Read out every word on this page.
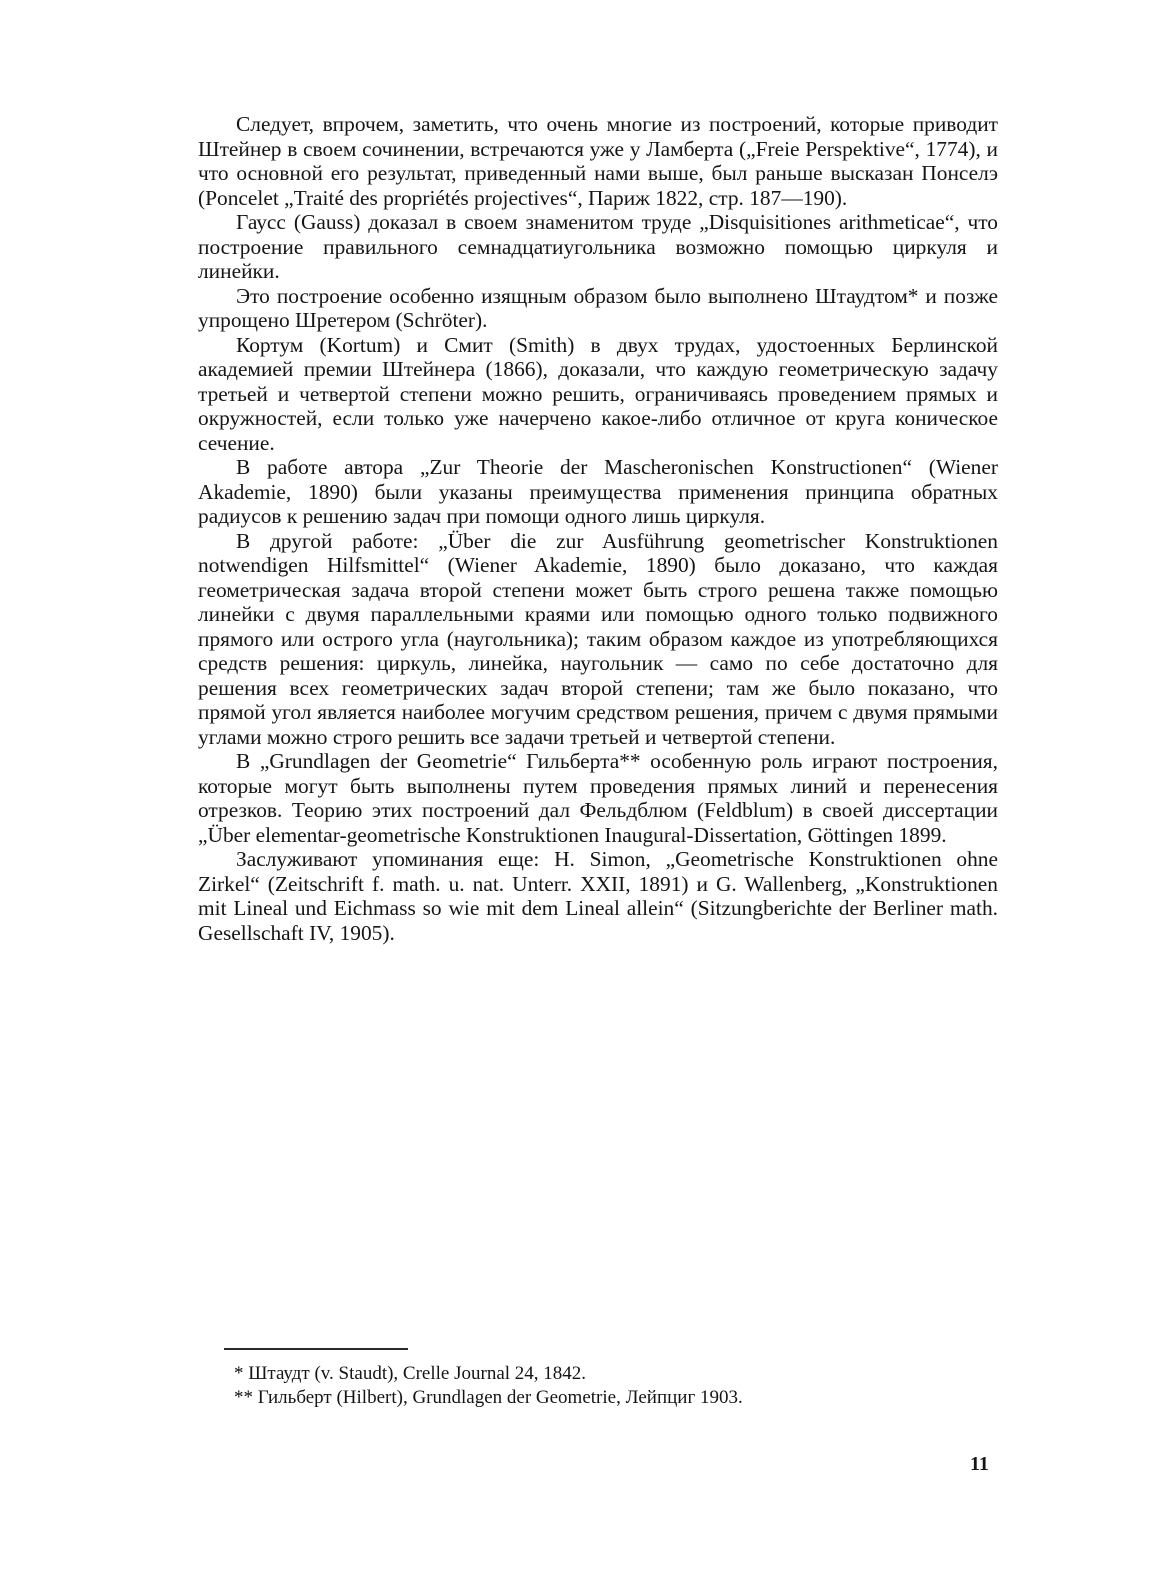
Следует, впрочем, заметить, что очень многие из построений, которые приводит Штейнер в своем сочинении, встречаются уже у Ламберта („Freie Perspektive“, 1774), и что основной его результат, приведенный нами выше, был раньше высказан Понселэ (Poncelet „Traité des propriétés projectives“, Париж 1822, стр. 187—190).

Гаусс (Gauss) доказал в своем знаменитом труде „Disquisitiones arithmeticae“, что построение правильного семнадцатиугольника возможно помощью циркуля и линейки.

Это построение особенно изящным образом было выполнено Штаудтом* и позже упрощено Шретером (Schröter).

Кортум (Kortum) и Смит (Smith) в двух трудах, удостоенных Берлинской академией премии Штейнера (1866), доказали, что каждую геометрическую задачу третьей и четвертой степени можно решить, ограничиваясь проведением прямых и окружностей, если только уже начерчено какое-либо отличное от круга коническое сечение.

В работе автора „Zur Theorie der Mascheronischen Konstructionen“ (Wiener Akademie, 1890) были указаны преимущества применения принципа обратных радиусов к решению задач при помощи одного лишь циркуля.

В другой работе: „Über die zur Ausführung geometrischer Konstruktionen notwendigen Hilfsmittel“ (Wiener Akademie, 1890) было доказано, что каждая геометрическая задача второй степени может быть строго решена также помощью линейки с двумя параллельными краями или помощью одного только подвижного прямого или острого угла (наугольника); таким образом каждое из употребляющихся средств решения: циркуль, линейка, наугольник — само по себе достаточно для решения всех геометрических задач второй степени; там же было показано, что прямой угол является наиболее могучим средством решения, причем с двумя прямыми углами можно строго решить все задачи третьей и четвертой степени.

В „Grundlagen der Geometrie“ Гильберта** особенную роль играют построения, которые могут быть выполнены путем проведения прямых линий и перенесения отрезков. Теорию этих построений дал Фельдблюм (Feldblum) в своей диссертации „Über elementar-geometrische Konstruktionen Inaugural-Dissertation, Göttingen 1899.

Заслуживают упоминания еще: H. Simon, „Geometrische Konstruktionen ohne Zirkel“ (Zeitschrift f. math. u. nat. Unterr. XXII, 1891) и G. Wallenberg, „Konstruktionen mit Lineal und Eichmass so wie mit dem Lineal allein“ (Sitzungberichte der Berliner math. Gesellschaft IV, 1905).

* Штаудт (v. Staudt), Crelle Journal 24, 1842.

** Гильберт (Hilbert), Grundlagen der Geometrie, Лейпциг 1903.

11
